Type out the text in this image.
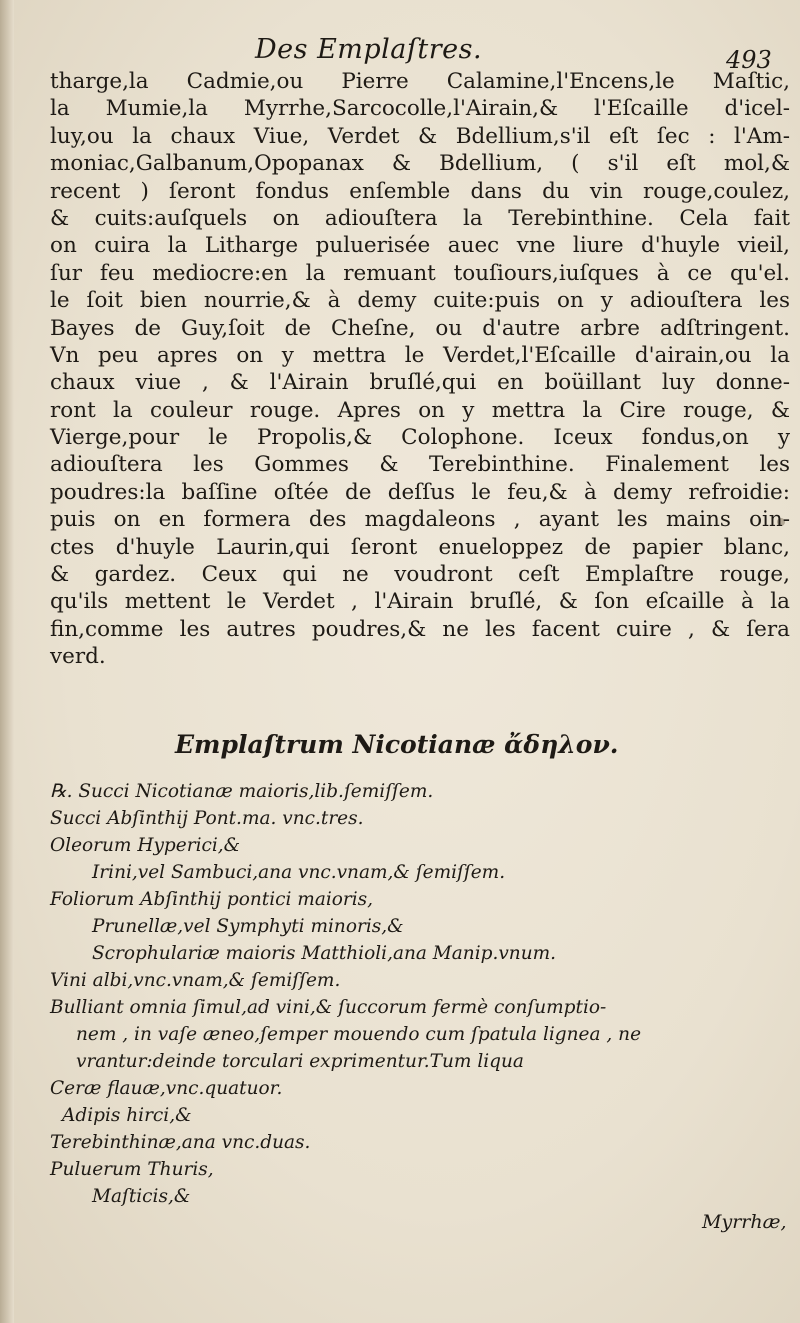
Des Emplaſtres.	493
tharge,la Cadmie,ou Pierre Calamine,l'Encens,le Maſtic,
la Mumie,la Myrrhe,Sarcocolle,l'Airain,& l'Eſcaille d'icel-
luy,ou la chaux Viue, Verdet & Bdellium,s'il eſt ſec : l'Am-
moniac,Galbanum,Opopanax & Bdellium, ( s'il eſt mol,&
recent ) ſeront fondus enſemble dans du vin rouge,coulez,
& cuits:auſquels on adiouſtera la Terebinthine. Cela fait
on cuira la Litharge puluerisée auec vne liure d'huyle vieil,
ſur feu mediocre:en la remuant touſiours,iuſques à ce qu'el.
le ſoit bien nourrie,& à demy cuite:puis on y adiouſtera les
Bayes de Guy,ſoit de Cheſne, ou d'autre arbre adſtringent.
Vn peu apres on y mettra le Verdet,l'Eſcaille d'airain,ou la
chaux viue , & l'Airain bruſlé,qui en boüillant luy donne-
ront la couleur rouge. Apres on y mettra la Cire rouge, &
Vierge,pour le Propolis,& Colophone. Iceux fondus,on y
adiouſtera les Gommes & Terebinthine. Finalement les
poudres:la baſſine oſtée de deſſus le feu,& à demy refroidie:
puis on en formera des magdaleons , ayant les mains oin-
ctes d'huyle Laurin,qui ſeront enueloppez de papier blanc,
& gardez. Ceux qui ne voudront ceſt Emplaſtre rouge,
qu'ils mettent le Verdet , l'Airain bruſlé, & ſon eſcaille à la
fin,comme les autres poudres,& ne les facent cuire , & ſera
verd.
Emplaſtrum Nicotianæ ἄδηλον.
℞. Succi Nicotianæ maioris,lib.ſemiſſem.
Succi Abſinthij Pont.ma. vnc.tres.
Oleorum Hyperici,&
Irini,vel Sambuci,ana vnc.vnam,& ſemiſſem.
Foliorum Abſinthij pontici maioris,
Prunellæ,vel Symphyti minoris,&
Scrophulariæ maioris Matthioli,ana Manip.vnum.
Vini albi,vnc.vnam,& ſemiſſem.
Bulliant omnia ſimul,ad vini,& ſuccorum fermè conſumptio-
nem , in vaſe æneo,ſemper mouendo cum ſpatula lignea , ne
vrantur:deinde torculari exprimentur.Tum liqua
Ceræ flauæ,vnc.quatuor.
Adipis hirci,&
Terebinthinæ,ana vnc.duas.
Puluerum Thuris,
Maſticis,&
Myrrhæ,
